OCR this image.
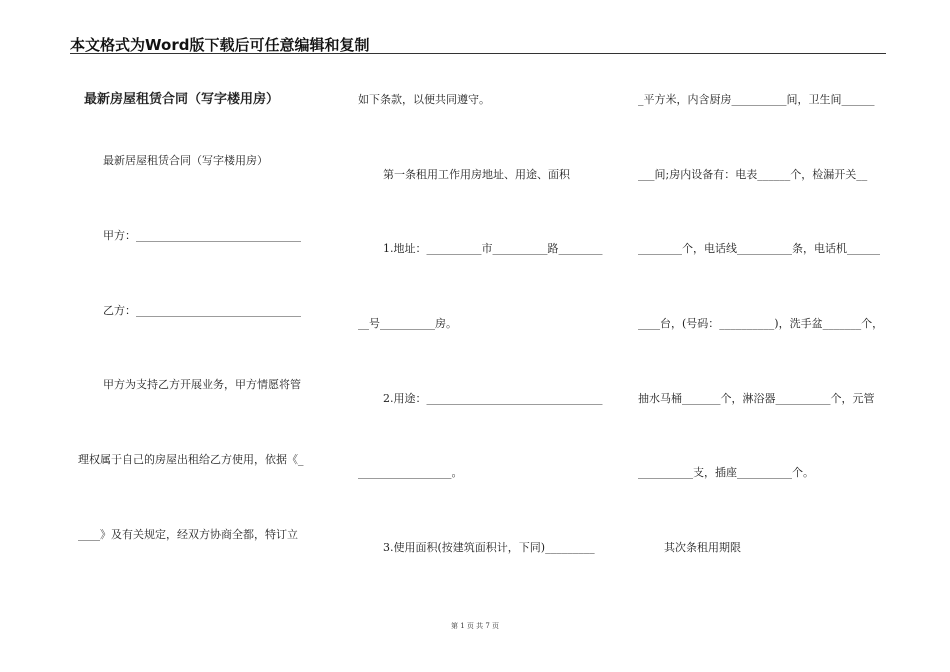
本文格式为Word版下载后可任意编辑和复制
最新房屋租赁合同（写字楼用房）
最新居屋租赁合同（写字楼用房）
甲方：______________________________
乙方：______________________________
甲方为支持乙方开展业务，甲方情愿将管
理权属于自己的房屋出租给乙方使用，依据《_
____》及有关规定，经双方协商全都，特订立
如下条款，以便共同遵守。
第一条租用工作用房地址、用途、面积
1.地址：__________市__________路________
__号__________房。
2.用途：________________________________
_________________。
3.使用面积(按建筑面积计，下同)_________
_平方米，内含厨房__________间，卫生间______
___间;房内设备有：电表______个，检漏开关__
________个，电话线__________条，电话机______
____台，(号码：__________)，洗手盆_______个，
抽水马桶_______个，淋浴器__________个，元管
__________支，插座__________个。
其次条租用期限
第 1 页 共 7 页
